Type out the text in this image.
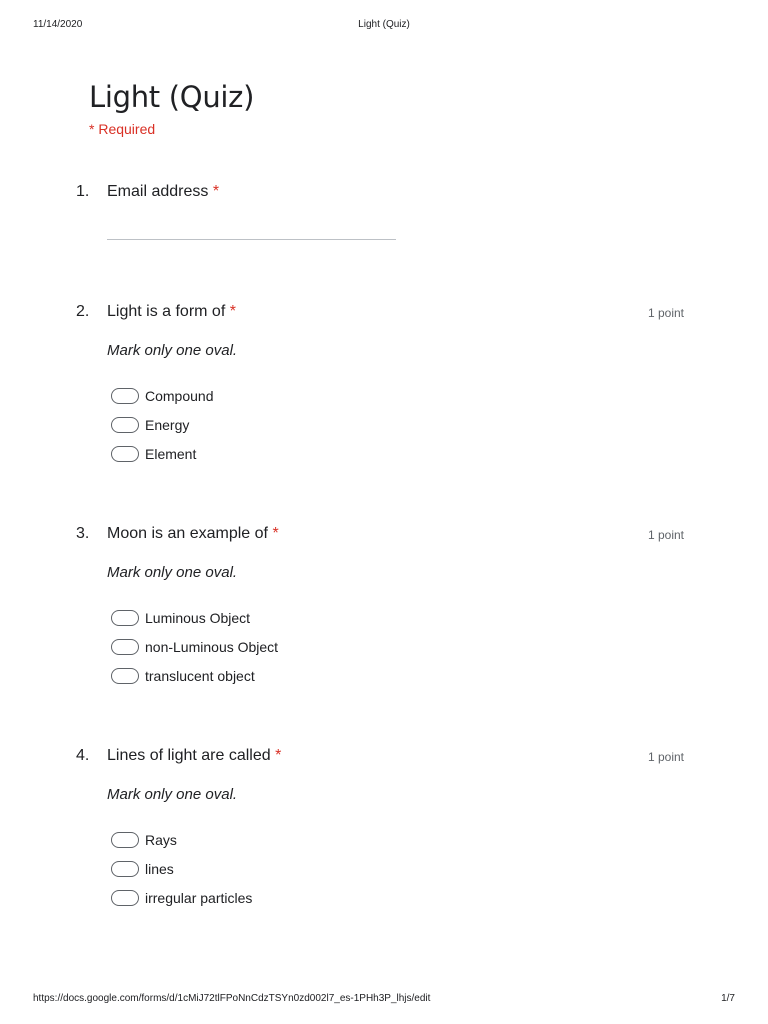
11/14/2020	Light (Quiz)
Light (Quiz)
* Required
1. Email address *
2. Light is a form of *	1 point
Mark only one oval.
Compound
Energy
Element
3. Moon is an example of *	1 point
Mark only one oval.
Luminous Object
non-Luminous Object
translucent object
4. Lines of light are called *	1 point
Mark only one oval.
Rays
lines
irregular particles
https://docs.google.com/forms/d/1cMiJ72tlFPoNnCdzTSYn0zd002l7_es-1PHh3P_lhjs/edit	1/7
